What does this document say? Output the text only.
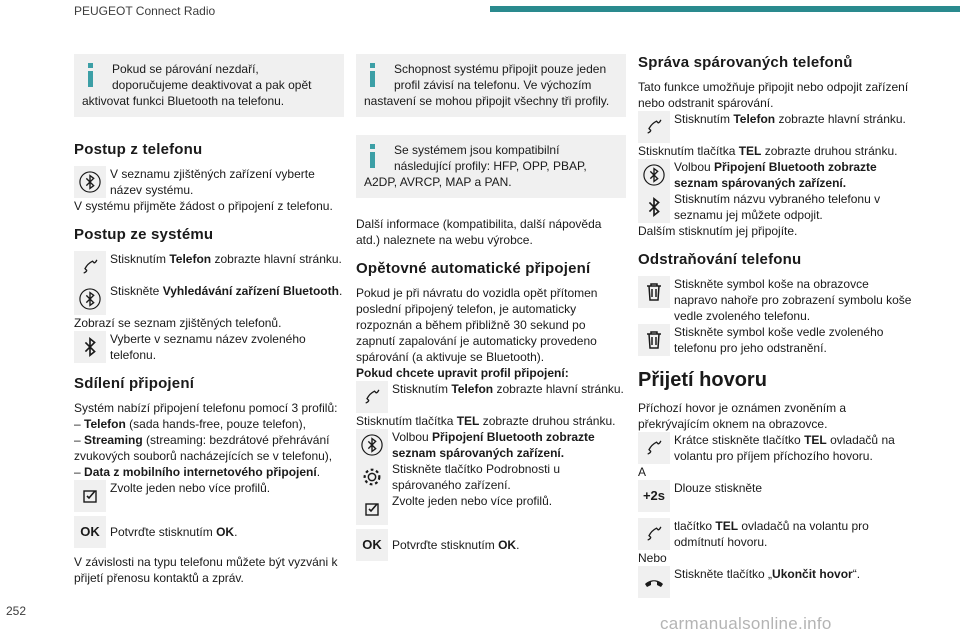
PEUGEOT Connect Radio
Pokud se párování nezdaří, doporučujeme deaktivovat a pak opět aktivovat funkci Bluetooth na telefonu.
Postup z telefonu
V seznamu zjištěných zařízení vyberte název systému.

V systému přijměte žádost o připojení z telefonu.

Postup ze systému
Stisknutím Telefon zobrazte hlavní stránku.
Stiskněte Vyhledávání zařízení Bluetooth.

Zobrazí se seznam zjištěných telefonů.

Vyberte v seznamu název zvoleného telefonu.
Sdílení připojení

Systém nabízí připojení telefonu pomocí 3 profilů:

– Telefon (sada hands-free, pouze telefon),

– Streaming (streaming: bezdrátové přehrávání zvukových souborů nacházejících se v telefonu),

– Data z mobilního internetového připojení.

Zvolte jeden nebo více profilů.
OK Potvrďte stisknutím OK.

V závislosti na typu telefonu můžete být vyzváni k přijetí přenosu kontaktů a zpráv.

Schopnost systému připojit pouze jeden profil závisí na telefonu. Ve výchozím nastavení se mohou připojit všechny tři profily.
Se systémem jsou kompatibilní následující profily: HFP, OPP, PBAP, A2DP, AVRCP, MAP a PAN.

Další informace (kompatibilita, další nápověda atd.) naleznete na webu výrobce.

Opětovné automatické připojení

Pokud je při návratu do vozidla opět přítomen poslední připojený telefon, je automaticky rozpoznán a během přibližně 30 sekund po zapnutí zapalování je automaticky provedeno spárování (a aktivuje se Bluetooth).

Pokud chcete upravit profil připojení:

Stisknutím Telefon zobrazte hlavní stránku.

Stisknutím tlačítka TEL zobrazte druhou stránku.

Volbou Připojení Bluetooth zobrazte seznam spárovaných zařízení.
Stiskněte tlačítko Podrobnosti u spárovaného zařízení.
Zvolte jeden nebo více profilů.
OK Potvrďte stisknutím OK.
Správa spárovaných telefonů

Tato funkce umožňuje připojit nebo odpojit zařízení nebo odstranit spárování.

Stisknutím Telefon zobrazte hlavní stránku.

Stisknutím tlačítka TEL zobrazte druhou stránku.

Volbou Připojení Bluetooth zobrazte seznam spárovaných zařízení.
Stisknutím názvu vybraného telefonu v seznamu jej můžete odpojit.

Dalším stisknutím jej připojíte.

Odstraňování telefonu
Stiskněte symbol koše na obrazovce napravo nahoře pro zobrazení symbolu koše vedle zvoleného telefonu.
Stiskněte symbol koše vedle zvoleného telefonu pro jeho odstranění.
Přijetí hovoru

Příchozí hovor je oznámen zvoněním a překrývajícím oknem na obrazovce.

Krátce stiskněte tlačítko TEL ovladačů na volantu pro příjem příchozího hovoru.

A

+2s Dlouze stiskněte
tlačítko TEL ovladačů na volantu pro odmítnutí hovoru.

Nebo

Stiskněte tlačítko „Ukončit hovor“.
252
carmanualsonline.info
